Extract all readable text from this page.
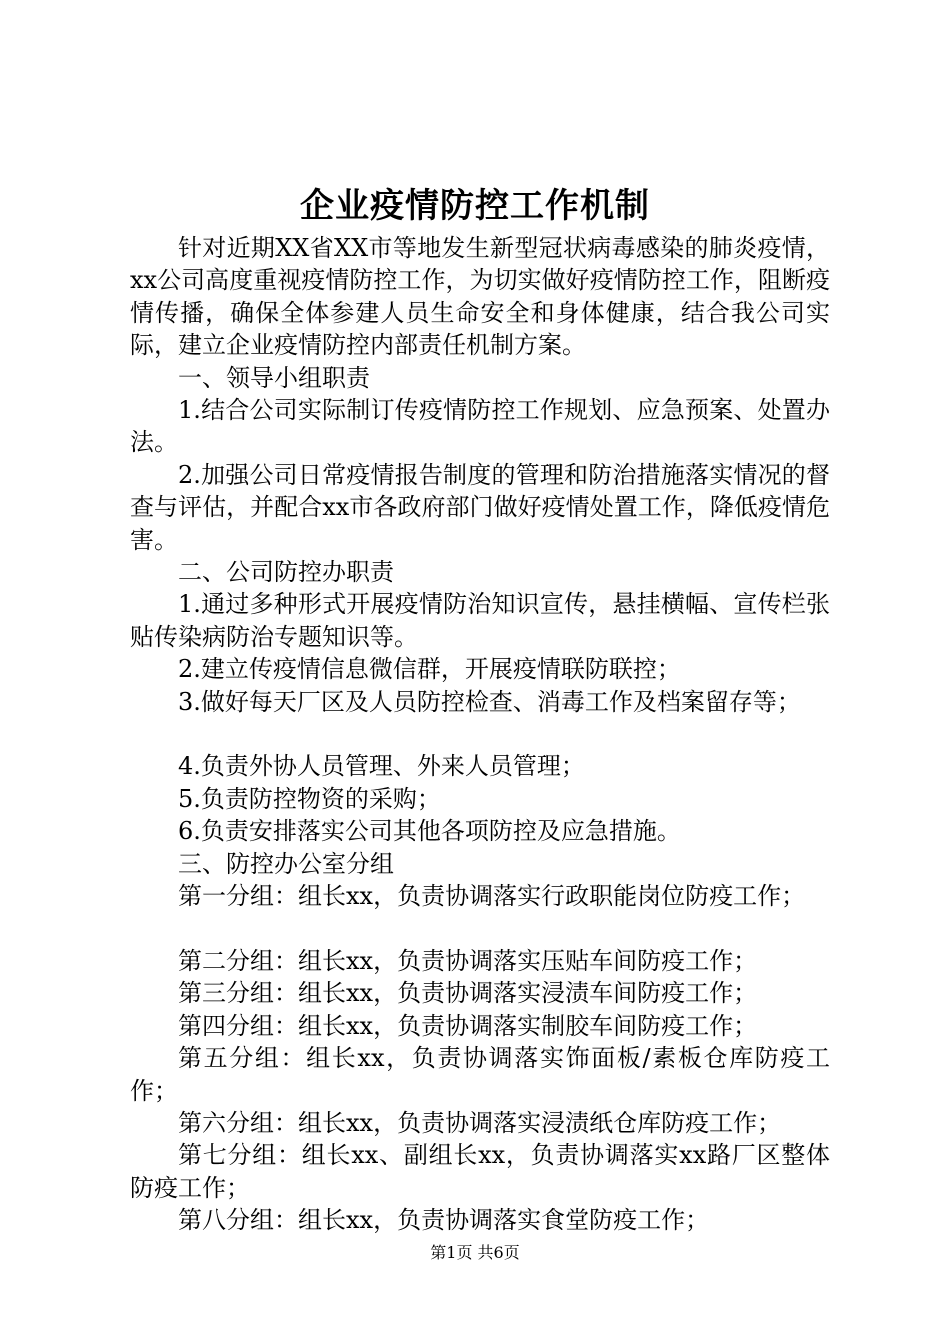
企业疫情防控工作机制

针对近期XX省XX市等地发生新型冠状病毒感染的肺炎疫情，xx公司高度重视疫情防控工作，为切实做好疫情防控工作，阻断疫情传播，确保全体参建人员生命安全和身体健康，结合我公司实际，建立企业疫情防控内部责任机制方案。

一、领导小组职责

1.结合公司实际制订传疫情防控工作规划、应急预案、处置办法。

2.加强公司日常疫情报告制度的管理和防治措施落实情况的督查与评估，并配合xx市各政府部门做好疫情处置工作，降低疫情危害。

二、公司防控办职责

1.通过多种形式开展疫情防治知识宣传，悬挂横幅、宣传栏张贴传染病防治专题知识等。

2.建立传疫情信息微信群，开展疫情联防联控；

3.做好每天厂区及人员防控检查、消毒工作及档案留存等；

4.负责外协人员管理、外来人员管理；

5.负责防控物资的采购；

6.负责安排落实公司其他各项防控及应急措施。

三、防控办公室分组

第一分组：组长xx，负责协调落实行政职能岗位防疫工作；

第二分组：组长xx，负责协调落实压贴车间防疫工作；

第三分组：组长xx，负责协调落实浸渍车间防疫工作；

第四分组：组长xx，负责协调落实制胶车间防疫工作；

第五分组：组长xx，负责协调落实饰面板/素板仓库防疫工作；

第六分组：组长xx，负责协调落实浸渍纸仓库防疫工作；

第七分组：组长xx、副组长xx，负责协调落实xx路厂区整体防疫工作；

第八分组：组长xx，负责协调落实食堂防疫工作；

第1页 共6页
